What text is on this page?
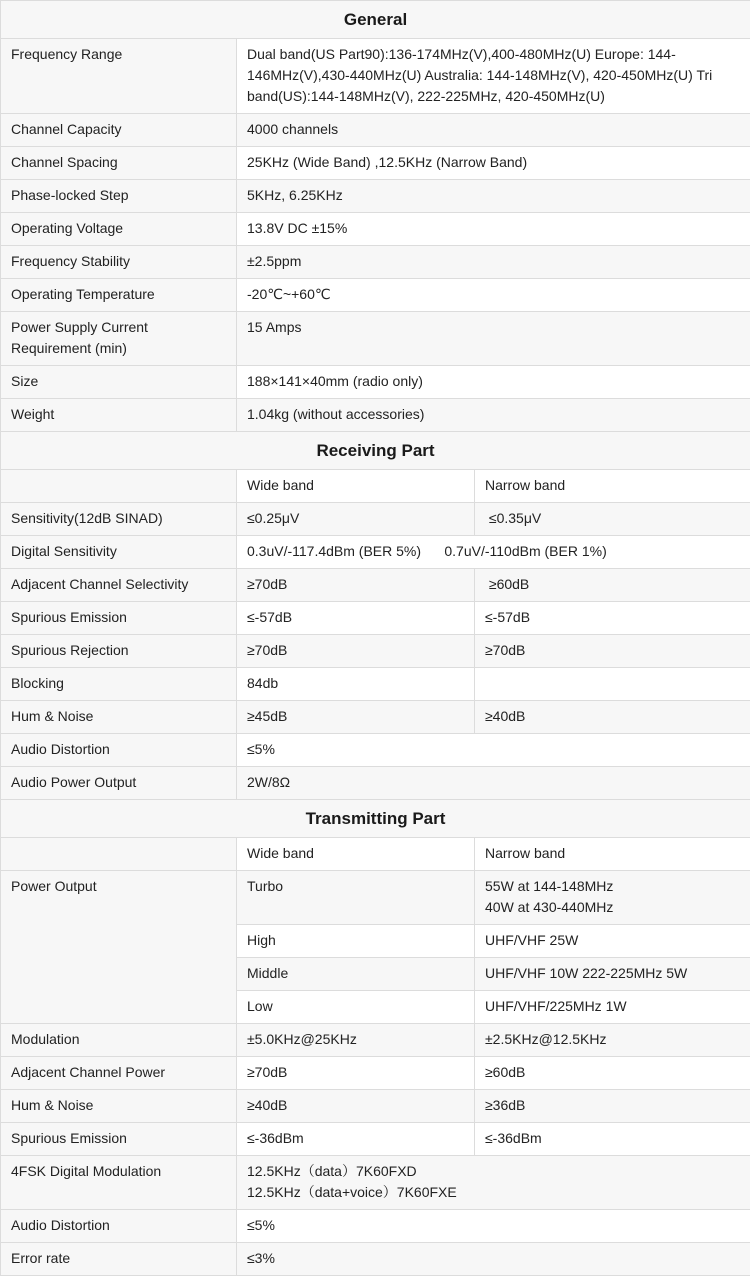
General		
Frequency Range	Dual band(US Part90):136-174MHz(V),400-480MHz(U) Europe: 144-146MHz(V),430-440MHz(U) Australia: 144-148MHz(V), 420-450MHz(U) Tri band(US):144-148MHz(V), 222-225MHz, 420-450MHz(U)	
Channel Capacity	4000 channels	
Channel Spacing	25KHz (Wide Band) ,12.5KHz (Narrow Band)	
Phase-locked Step	5KHz, 6.25KHz	
Operating Voltage	13.8V DC ±15%	
Frequency Stability	±2.5ppm	
Operating Temperature	-20℃~+60℃	
Power Supply Current Requirement (min)	15 Amps	
Size	188×141×40mm (radio only)	
Weight	1.04kg (without accessories)	
Receiving Part		
	Wide band	Narrow band
Sensitivity(12dB SINAD)	≤0.25μV	≤0.35μV
Digital Sensitivity	0.3uV/-117.4dBm (BER 5%)      0.7uV/-110dBm (BER 1%)	
Adjacent Channel Selectivity	≥70dB	≥60dB
Spurious Emission	≤-57dB	≤-57dB
Spurious Rejection	≥70dB	≥70dB
Blocking	84db	
Hum & Noise	≥45dB	≥40dB
Audio Distortion	≤5%	
Audio Power Output	2W/8Ω	
Transmitting Part		
	Wide band	Narrow band
Power Output	Turbo	55W at 144-148MHz
40W at 430-440MHz

	High	UHF/VHF 25W
	Middle	UHF/VHF 10W 222-225MHz 5W
	Low	UHF/VHF/225MHz 1W
Modulation	±5.0KHz@25KHz	±2.5KHz@12.5KHz
Adjacent Channel Power	≥70dB	≥60dB
Hum & Noise	≥40dB	≥36dB
Spurious Emission	≤-36dBm	≤-36dBm
4FSK Digital Modulation	12.5KHz（data）7K60FXD
12.5KHz（data+voice）7K60FXE	

Audio Distortion	≤5%	
Error rate	≤3%	
